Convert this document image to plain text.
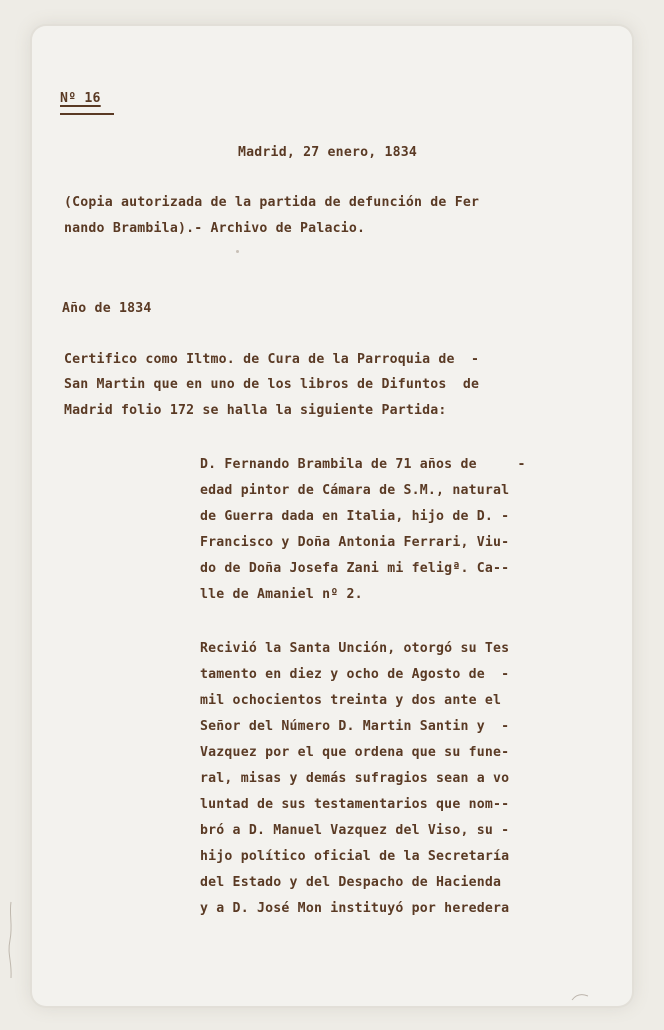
Nº 16
Madrid, 27 enero, 1834
(Copia autorizada de la partida de defunción de Fer
nando Brambila).- Archivo de Palacio.
Año de 1834
Certifico como Iltmo. de Cura de la Parroquia de  -
San Martin que en uno de los libros de Difuntos  de
Madrid folio 172 se halla la siguiente Partida:
D. Fernando Brambila de 71 años de     -
edad pintor de Cámara de S.M., natural
de Guerra dada en Italia, hijo de D. -
Francisco y Doña Antonia Ferrari, Viu-
do de Doña Josefa Zani mi feligª. Ca--
lle de Amaniel nº 2.
Recivió la Santa Unción, otorgó su Tes
tamento en diez y ocho de Agosto de  -
mil ochocientos treinta y dos ante el
Señor del Número D. Martin Santin y  -
Vazquez por el que ordena que su fune-
ral, misas y demás sufragios sean a vo
luntad de sus testamentarios que nom--
bró a D. Manuel Vazquez del Viso, su -
hijo político oficial de la Secretaría
del Estado y del Despacho de Hacienda
y a D. José Mon instituyó por heredera
